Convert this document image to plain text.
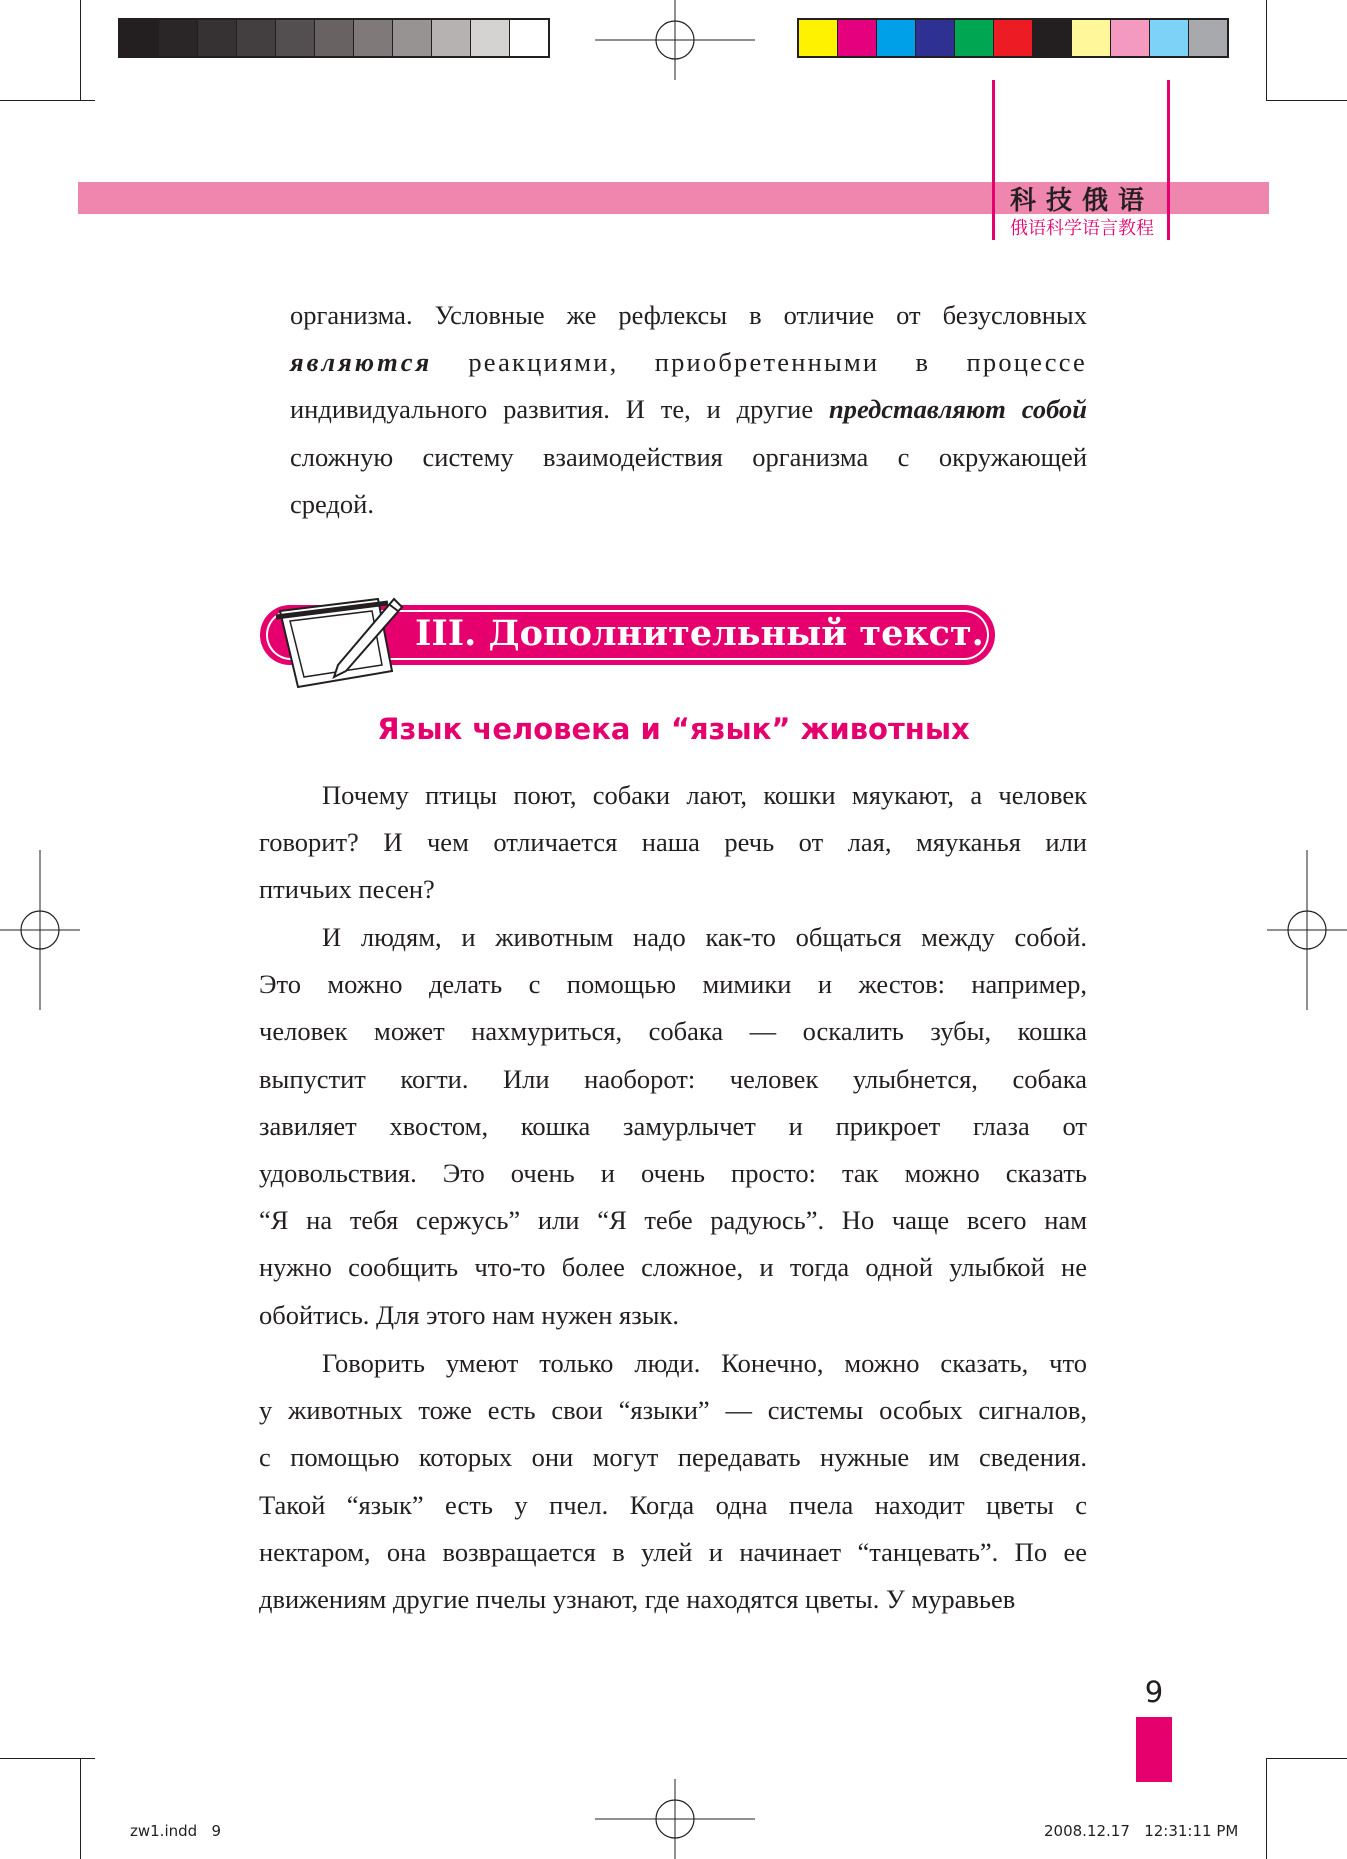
科技俄语
俄语科学语言教程
организма. Условные же рефлексы в отличие от безусловных
являются реакциями, приобретенными в процессе
индивидуального развития. И те, и другие представляют собой
сложную систему взаимодействия организма с окружающей
средой.
III. Дополнительный текст.
Язык человека и “язык” животных
Почему птицы поют, собаки лают, кошки мяукают, а человек
говорит? И чем отличается наша речь от лая, мяуканья или
птичьих песен?
И людям, и животным надо как-то общаться между собой.
Это можно делать с помощью мимики и жестов: например,
человек может нахмуриться, собака — оскалить зубы, кошка
выпустит когти. Или наоборот: человек улыбнется, собака
завиляет хвостом, кошка замурлычет и прикроет глаза от
удовольствия. Это очень и очень просто: так можно сказать
“Я на тебя сержусь” или “Я тебе радуюсь”. Но чаще всего нам
нужно сообщить что-то более сложное, и тогда одной улыбкой не
обойтись. Для этого нам нужен язык.
Говорить умеют только люди. Конечно, можно сказать, что
у животных тоже есть свои “языки” — системы особых сигналов,
с помощью которых они могут передавать нужные им сведения.
Такой “язык” есть у пчел. Когда одна пчела находит цветы с
нектаром, она возвращается в улей и начинает “танцевать”. По ее
движениям другие пчелы узнают, где находятся цветы. У муравьев
9
zw1.indd   9	2008.12.17   12:31:11 PM
